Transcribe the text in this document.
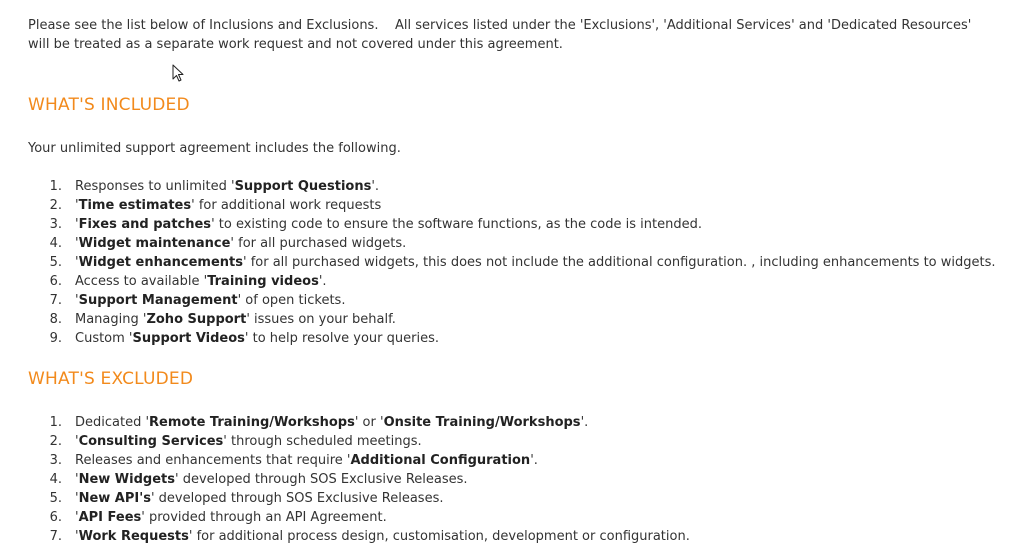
Please see the list below of Inclusions and Exclusions.    All services listed under the 'Exclusions', 'Additional Services' and 'Dedicated Resources' will be treated as a separate work request and not covered under this agreement.
WHAT'S INCLUDED
Your unlimited support agreement includes the following.
1. Responses to unlimited 'Support Questions'.
2. 'Time estimates' for additional work requests
3. 'Fixes and patches' to existing code to ensure the software functions, as the code is intended.
4. 'Widget maintenance' for all purchased widgets.
5. 'Widget enhancements' for all purchased widgets, this does not include the additional configuration. , including enhancements to widgets.
6. Access to available 'Training videos'.
7. 'Support Management' of open tickets.
8. Managing 'Zoho Support' issues on your behalf.
9. Custom 'Support Videos' to help resolve your queries.
WHAT'S EXCLUDED
1. Dedicated 'Remote Training/Workshops' or 'Onsite Training/Workshops'.
2. 'Consulting Services' through scheduled meetings.
3. Releases and enhancements that require 'Additional Configuration'.
4. 'New Widgets' developed through SOS Exclusive Releases.
5. 'New API's' developed through SOS Exclusive Releases.
6. 'API Fees' provided through an API Agreement.
7. 'Work Requests' for additional process design, customisation, development or configuration.
